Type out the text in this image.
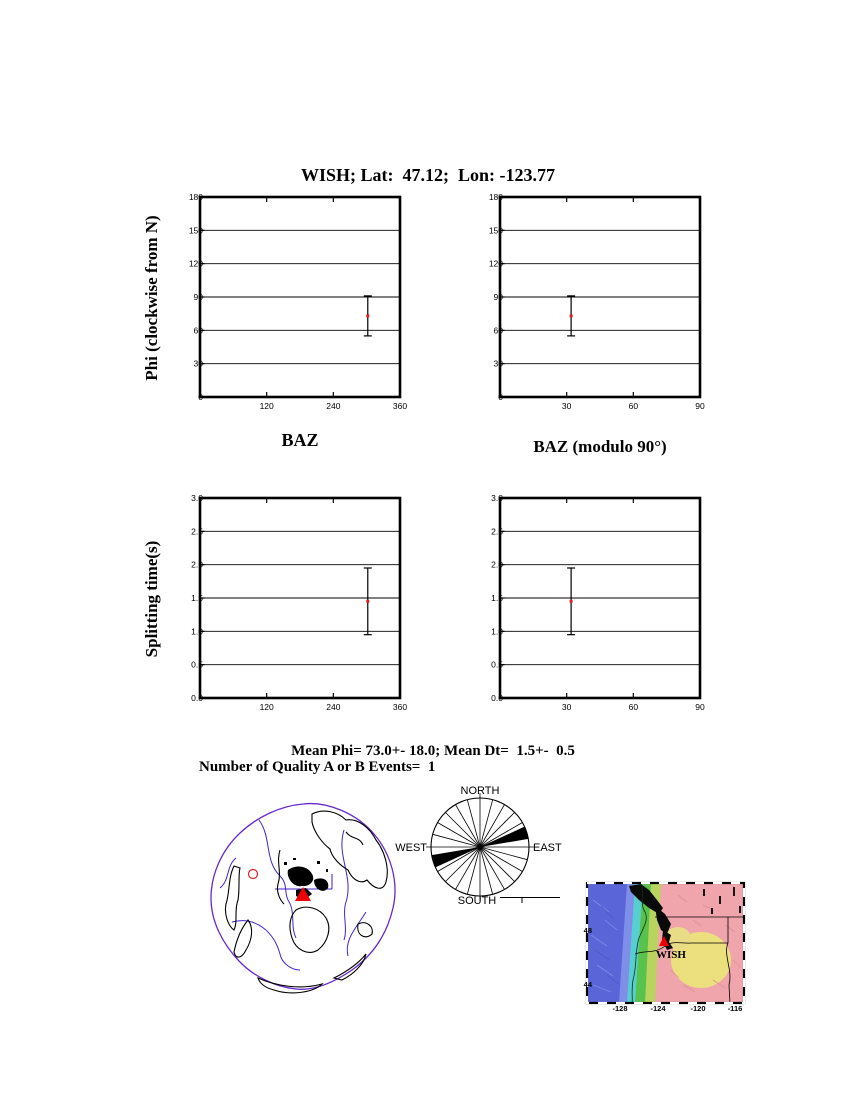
WISH; Lat:  47.12;  Lon: -123.77
Phi (clockwise from N)
Splitting time(s)
0
30
60
90
120
150
180
120	240	360
0
30
60
90
120
150
180
30	60	90
0.0
0.5
1.0
1.5
2.0
2.5
3.0
120	240	360
0.0
0.5
1.0
1.5
2.0
2.5
3.0
30	60	90
BAZ	BAZ (modulo 90°)
Mean Phi= 73.0+- 18.0; Mean Dt=  1.5+-  0.5
Number of Quality A or B Events=  1
NORTH
EAST
SOUTH
WEST
WISH
48
44
-128	-124	-120	-116
